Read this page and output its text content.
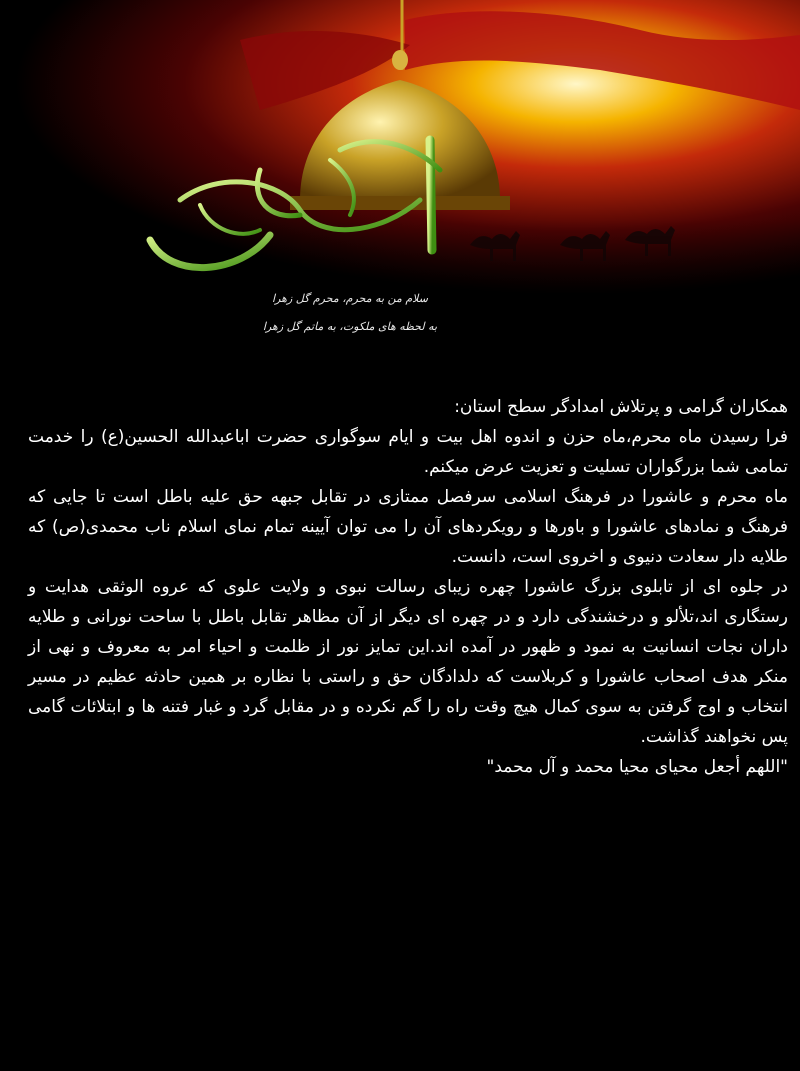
سلام من به محرم، محرم گل زهرا
به لحظه های ملکوت، به ماتم گل زهرا

همکاران گرامی و پرتلاش امدادگر سطح استان:

فرا رسیدن ماه محرم،ماه حزن و اندوه اهل بیت و ایام سوگواری حضرت اباعبدالله الحسین(ع) را خدمت تمامی شما بزرگواران تسلیت و تعزیت عرض میکنم.

ماه محرم و عاشورا در فرهنگ اسلامی سرفصل ممتازی در تقابل جبهه حق علیه باطل است تا جایی که فرهنگ و نمادهای عاشورا و باورها و رویکردهای آن را می توان آیینه تمام نمای اسلام ناب محمدی(ص) که طلایه دار سعادت دنیوی و اخروی است، دانست.

در جلوه ای از تابلوی بزرگ عاشورا چهره زیبای رسالت نبوی و ولایت علوی که عروه الوثقی هدایت و رستگاری اند،تلألو و درخشندگی دارد و در چهره ای دیگر از آن مظاهر تقابل باطل با ساحت نورانی و طلایه داران نجات انسانیت به نمود و ظهور در آمده اند.این تمایز نور از ظلمت و احیاء امر به معروف و نهی از منکر هدف اصحاب عاشورا و کربلاست که دلدادگان حق و راستی با نظاره بر همین حادثه عظیم در مسیر انتخاب و اوج گرفتن به سوی کمال هیچ وقت راه را گم نکرده و در مقابل گرد و غبار فتنه ها و ابتلائات گامی پس نخواهند گذاشت.

"اللهم أجعل محیای محیا محمد و آل محمد"
